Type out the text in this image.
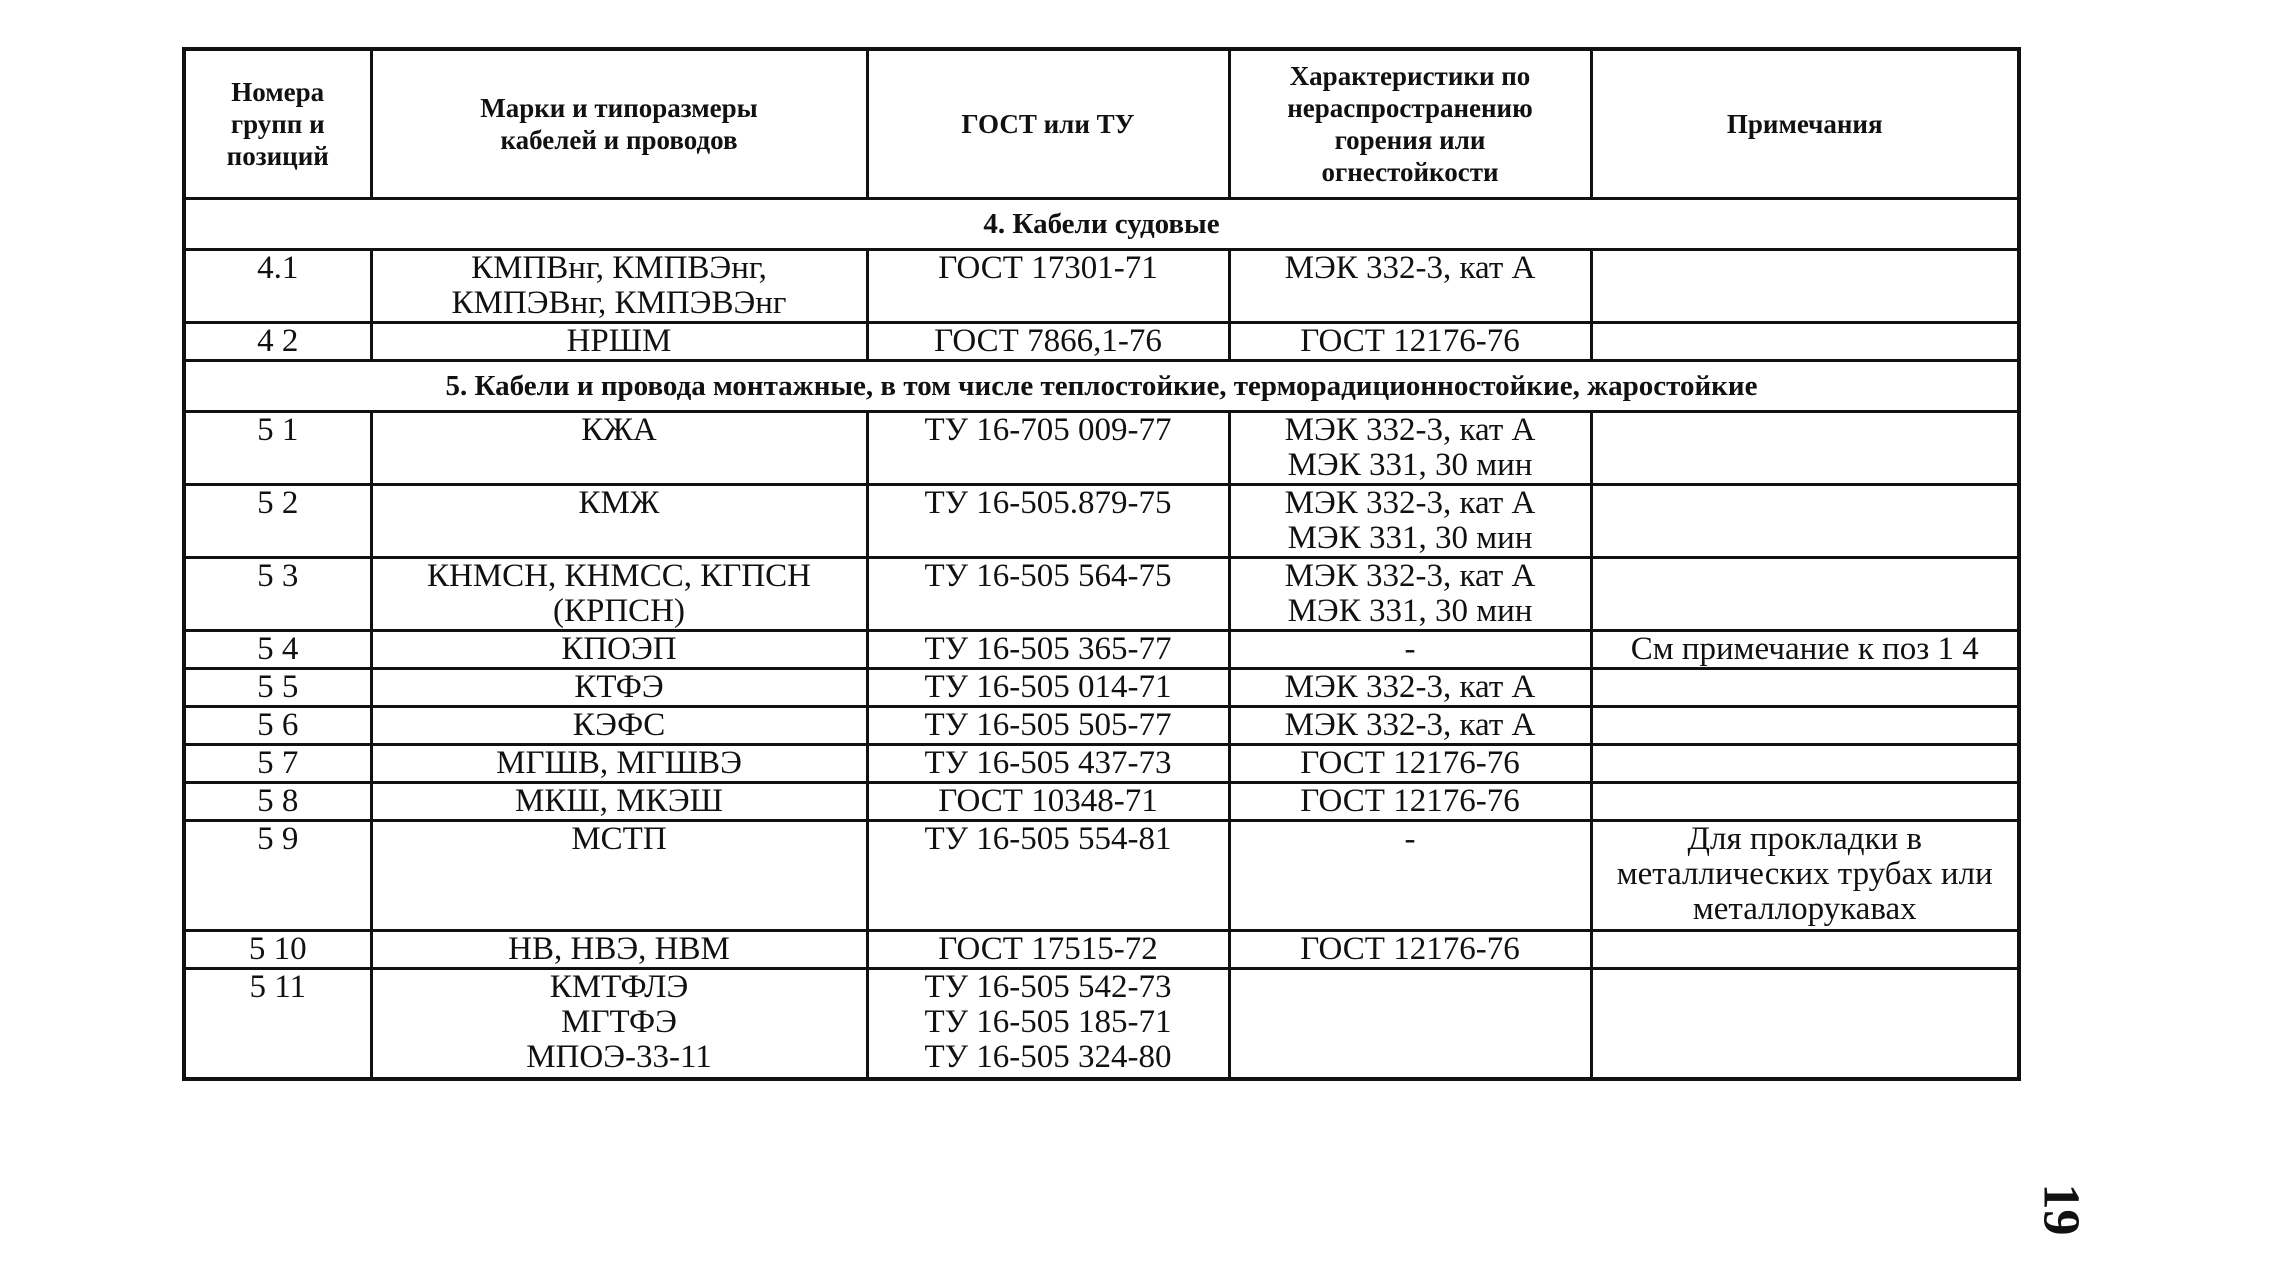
Номера
групп и
позиций	Марки и типоразмеры
кабелей и проводов	ГОСТ или ТУ	Характеристики по
нераспространению
горения или
огнестойкости	Примечания

4. Кабели судовые				
4.1	КМПВнг, КМПВЭнг,
КМПЭВнг, КМПЭВЭнг	ГОСТ 17301-71	МЭК 332-3, кат А	

4 2	НРШМ	ГОСТ 7866,1-76	ГОСТ 12176-76	

5. Кабели и провода монтажные, в том числе теплостойкие, терморадиционностойкие, жаростойкие				
5 1	КЖА	ТУ 16-705 009-77	МЭК 332-3, кат А
МЭК 331, 30 мин	

5 2	КМЖ	ТУ 16-505.879-75	МЭК 332-3, кат А
МЭК 331, 30 мин	

5 3	КНМСН, КНМСС, КГПСН
(КРПСН)	ТУ 16-505 564-75	МЭК 332-3, кат А
МЭК 331, 30 мин	

5 4	КПОЭП	ТУ 16-505 365-77	-	См примечание к поз 1 4

5 5	КТФЭ	ТУ 16-505 014-71	МЭК 332-3, кат А	

5 6	КЭФС	ТУ 16-505 505-77	МЭК 332-3, кат А	

5 7	МГШВ, МГШВЭ	ТУ 16-505 437-73	ГОСТ 12176-76	

5 8	МКШ, МКЭШ	ГОСТ 10348-71	ГОСТ 12176-76	

5 9	МСТП	ТУ 16-505 554-81	-	Для прокладки в
металлических трубах или
металлорукавах

5 10	НВ, НВЭ, НВМ	ГОСТ 17515-72	ГОСТ 12176-76	

5 11	КМТФЛЭ
МГТФЭ
МПОЭ-33-11	ТУ 16-505 542-73
ТУ 16-505 185-71
ТУ 16-505 324-80		

19
